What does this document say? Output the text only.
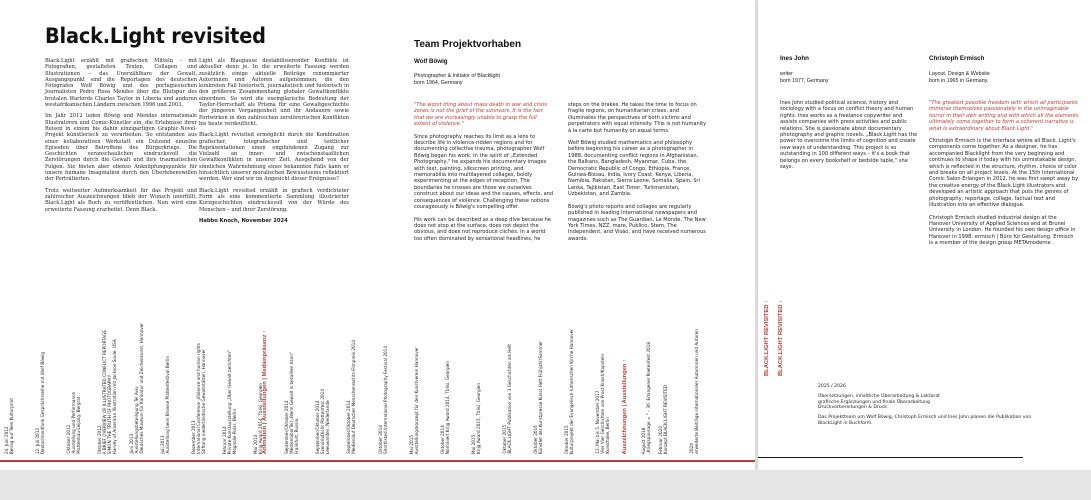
Black.Light revisited

Black.Light erzählt mit grafischen Mitteln – mit Fotografien, gestalteten Texten, Collagen und Illustrationen – das Unerzählbare der Gewalt. Ausgangspunkt sind die Reportagen des deutschen Fotografen Wolf Böwig und des portugiesischen Journalisten Pedro Rosa Mendes über die Blutspur des brutalen Warlords Charles Taylor in Liberia und anderen westafrikanischen Ländern zwischen 1996 und 2003.

Im Jahr 2012 luden Böwig und Mendes internationale Illustratoren und Comic-Künstler ein, die Erlebnisse ihrer Reisen in einem bis dahin einzigartigen Graphic-Novel-Projekt künstlerisch zu verarbeiten. So entstanden aus einer kollaborativen Werkstatt ein Dutzend einzelne Episoden über Betroffene des Bürgerkriegs. Die Geschichten veranschaulichen eindrucksvoll die Zerstörungen durch die Gewalt und ihre traumatischen Folgen. Sie bieten aber ebenso Anknüpfungspunkte für unsere humane Imagination durch den Überlebenswillen der Porträtierten.

Trotz weltweiter Aufmerksamkeit für das Projekt und zahlreicher Auszeichnungen blieb der Wunsch unerfüllt, Black.Light als Buch zu veröffentlichen. Nun wird eine erweiterte Fassung erarbeitet. Denn Black.

Light als Blaupause destabilisierender Konflikte ist aktueller denn je. In die erweiterte Fassung werden zusätzlich einige aktuelle Beiträge renommierter Autorinnen und Autoren aufgenommen, die den konkreten Fall historisch, journalistisch und historisch in den größeren Zusammenhang globaler Gewaltkonflikte einordnen. So wird die exemplarische Bedeutung der Taylor-Herrschaft als Prisma für eine Gewaltgeschichte der jüngeren Vergangenheit und ihr Andauern sowie Fortwirken in den zahlreichen zerstörerischen Konflikten bis heute verdeutlicht.

Black.Light revisited ermöglicht durch die Kombination grafischer, fotografischer und textlicher Repräsentationen einen empfundenen Zugang zur Vielzahl an inner- und zwischenstaatlichen Gewaltkonflikten in unserer Zeit. Ausgehend von der sinnlichen Wahrnehmung eines bekannten Falls kann er hinsichtlich unserer moralischen Bewusstseins reflektiert werden. Wer sind wir im Angesicht dieser Ereignisse?

Black.Light revisited erzählt in grafisch verdichteter Form als eine kommentierte Sammlung illustrierter Kurzgeschichten eindrucksvoll von der Würde des Menschen – und ihrer Zerstörung.

Habbo Knoch, November 2024
Team Projektvorhaben
Wolf Böwig
Photographer & Initiator of Blacklight
born 1964, Germany

"The worst thing about mass death in war and crisis zones is not the grief of the survivors. It is the fact that we are increasingly unable to grasp the full extent of violence."

Since photography reaches its limit as a lens to describe life in violence-ridden regions and for documenting collective trauma, photographer Wolf Böwig began his work. In the spirit of „Extended Photography," he expands his documentary images with text, painting, silkscreen printing, and memorabilia into multilayered collages, boldly experimenting at the edges of reception. The boundaries he crosses are those we ourselves construct about our ideas and the causes, effects, and consequences of violence. Challenging these notions courageously is Böwig's compelling offer.

His work can be described as a deep dive because he does not stop at the surface, does not depict the obvious, and does not reproduce clichés. In a world too often dominated by sensational headlines, he

steps on the brakes. He takes the time to focus on fragile regions, on humanitarian crises, and illuminates the perspectives of both victims and perpetrators with equal intensity. This is not humanity à la carte but humanity on equal terms.

Wolf Böwig studied mathematics and philosophy before beginning his career as a photographer in 1988, documenting conflict regions in Afghanistan, the Balkans, Bangladesh, Myanmar, Cuba, the Democratic Republic of Congo, Ethiopia, France, Guinea-Bissau, India, Ivory Coast, Kenya, Liberia, Namibia, Pakistan, Sierra Leone, Somalia, Spain, Sri Lanka, Tajikistan, East Timor, Turkmenistan, Uzbekistan, and Zambia.

Böwig's photo reports and collages are regularly published in leading international newspapers and magazines such as The Guardian, Le Monde, The New York Times, NZZ, mare, Publico, Stern, The Independent, and Visão, and have received numerous awards.

24. Juni 2012
Beirag auf Teen Kulturprint
12. Juli 2012
Deutschlandfunk Gesprächsreihe mit Wolf Böwig
Oktober 2012
Ausstellung und Performance
Plattenbau Leipzig, Bergrat
Oktober 2012
A BRIEF OVERVIEW OF ILLUSTRATED CONFLICT REPORTAGE
SIMON THE TRUTH OF PHOTOGRAPHY
Harvey of American Illustration mit Jackson Soule, USA
Juni 2013
Ausstellungsbeteiligung Tel Aviv
Deutsches Museum für Karikatur und Zeichenkunst, Hannover
Juli 2013
Ausstellung beim Browse Plattenfestival Berlin
Dezember 2013
International Conference „Violence and human rights
Stiftung niederländische Gewaltstätten, Hannover
Februar 2014
Private Kunstausstellung „Über Gewalt berichten"
Magnolie Polar, Berlin
Mai 2014
Krijg Award 2014, Tblisi, Georgien
September/Oktober 2014
MedienlaborTeil „Wenn Gewalt is bezahlen kann"
Frankfurt, Russia	September/Oktober 2014
SzenarioDicht Plattenfest 2014
Leeuwarden, Niederlande	September/Oktober 2014
Medienlauf Deutscher Menschenrechts-Filmpreis 2014
Oktober 2014
Shortlisted International Photography Festival 2014
Mai 2015
Ausstellungskonzept für den Kunstverein Hannover
Oktober 2014
Nominiert Krijg Award 2014, Tblisi, Georgien
Mai 2015
Krijg Award 2015, Tblisi, Georgien
Oktober 2015
BLACK.LIGHT Publikation von 3 Geschichten als Heft
Oktober 2016
Künstler der Kunstpresse Kunst Heft Frühjahr/Sommer
Oktober 2015
Kulturprojekt der Evangelisch-lutherischen Kirche Hannover
12. Mai bis 5. November 2017
Vier Vier Geschichten von Prost Knoch/Kapstein
Kunsthalle, Berlin
August 2018
„Kriegspausage = " – 36. Erlangener Poetenfest 2018
Februar 2024
Konzept BLACK.LIGHT REVISITED
2024
erweiterte Beiträge internationaler Autorinnen und Autoren
Animation | Ausstellungen | Medienpräsenz ↑	Auszeichnungen | Ausstellungen ↑
Ines John
writer
born 1977, Germany

Ines John studied political science, history and sociology with a focus on conflict theory and human rights. Ines works as a freelance copywriter and assists companies with press activities and public relations. She is passionate about documentary photography and graphic novels. „Black.Light has the power to overcome the limits of cognition and create new ways of understanding. This project is so outstanding in 100 different ways – it's a book that belongs on every bookshelf or bedside table," she says.

Christoph Ermisch
Layout, Design & Website
born in 1965 in Germany.

"The greatest possible freedom with which all participants immerse themselves passionately in the unimaginable horror in their own writing and with which all the elements ultimately come together to form a coherent narrative is what is extraordinary about Black.Light."

Christoph Ermisch is the interface where all Black. Light's components come together. As a designer, he has accompanied Blacklight from the very beginning and continues to shape it today with his unmistakable design, which is reflected in the structure, rhythm, choice of color and breaks on all project levels. At the 15th International Comic Salon Erlangen in 2012, he was first swept away by the creative energy of the Black.Light illustrators and developed an artistic approach that puts the genres of photography, reportage, collage, factual text and illustration into an effective dialogue.

Christoph Ermisch studied industrial design at the Hanover University of Applied Sciences and at Brunel University in London. He founded his own design office in Hanover in 1998: ermisch | Büro für Gestaltung. Ermisch is a member of the design group METAmoderne .

BLACK.LIGHT REVISITED ↑ BLACK.LIGHT REVISITED ↓

2025 / 2026

Übersetzungen, inhaltliche Überarbeitung & Lektorat
grafische Ergänzungen und finale Überarbeitung
Druckvorbereitungen & Druck

Das Projektteam um Wolf Böwig, Christoph Ermisch und Ines John planen die Publikation von BlackLight in Buchform.
